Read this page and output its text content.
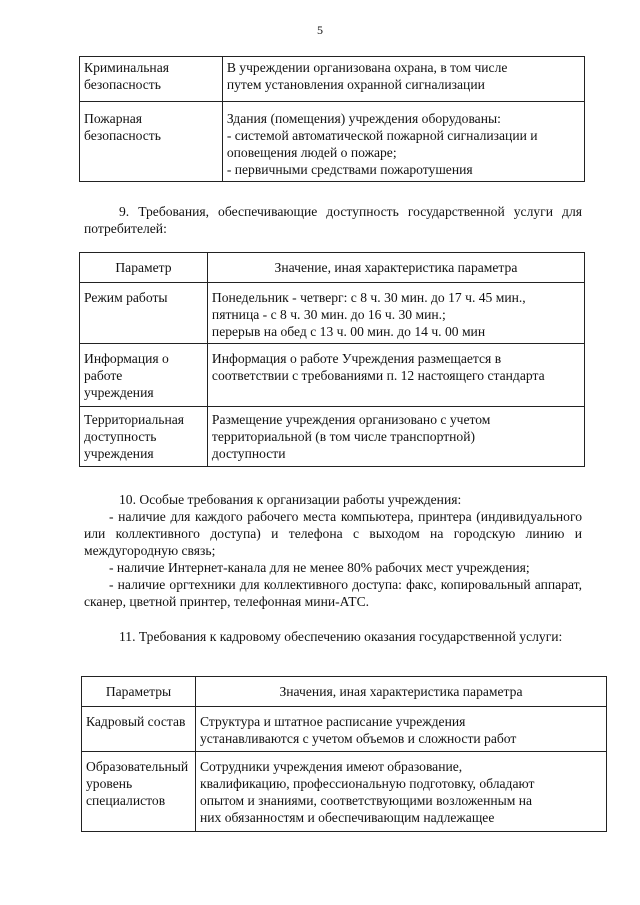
5
Криминальная
безопасность	В учреждении организована охрана, в том числе
путем установления охранной сигнализации

Пожарная
безопасность	Здания (помещения) учреждения оборудованы:
- системой автоматической пожарной сигнализации и
оповещения людей о пожаре;
- первичными средствами пожаротушения
9. Требования, обеспечивающие доступность государственной услуги для потребителей:
Параметр	Значение, иная характеристика параметра

Режим работы	Понедельник - четверг: с 8 ч. 30 мин. до 17 ч. 45 мин.,
пятница - с 8 ч. 30 мин. до 16 ч. 30 мин.;
перерыв на обед с 13 ч. 00 мин. до 14 ч. 00 мин

Информация о
работе
учреждения	Информация о работе Учреждения размещается в
соответствии с требованиями п. 12 настоящего стандарта

Территориальная
доступность
учреждения	Размещение учреждения организовано с учетом
территориальной (в том числе транспортной)
доступности
10. Особые требования к организации работы учреждения:
- наличие для каждого рабочего места компьютера, принтера (индивидуального или коллективного доступа) и телефона с выходом на городскую линию и междугородную связь;
- наличие Интернет-канала для не менее 80% рабочих мест учреждения;
- наличие оргтехники для коллективного доступа: факс, копировальный аппарат, сканер, цветной принтер, телефонная мини-АТС.
11. Требования к кадровому обеспечению оказания государственной услуги:
Параметры	Значения, иная характеристика параметра

Кадровый состав	Структура и штатное расписание учреждения
устанавливаются с учетом объемов и сложности работ

Образовательный
уровень
специалистов	Сотрудники учреждения имеют образование,
квалификацию, профессиональную подготовку, обладают
опытом и знаниями, соответствующими возложенным на
них обязанностям и обеспечивающим надлежащее
